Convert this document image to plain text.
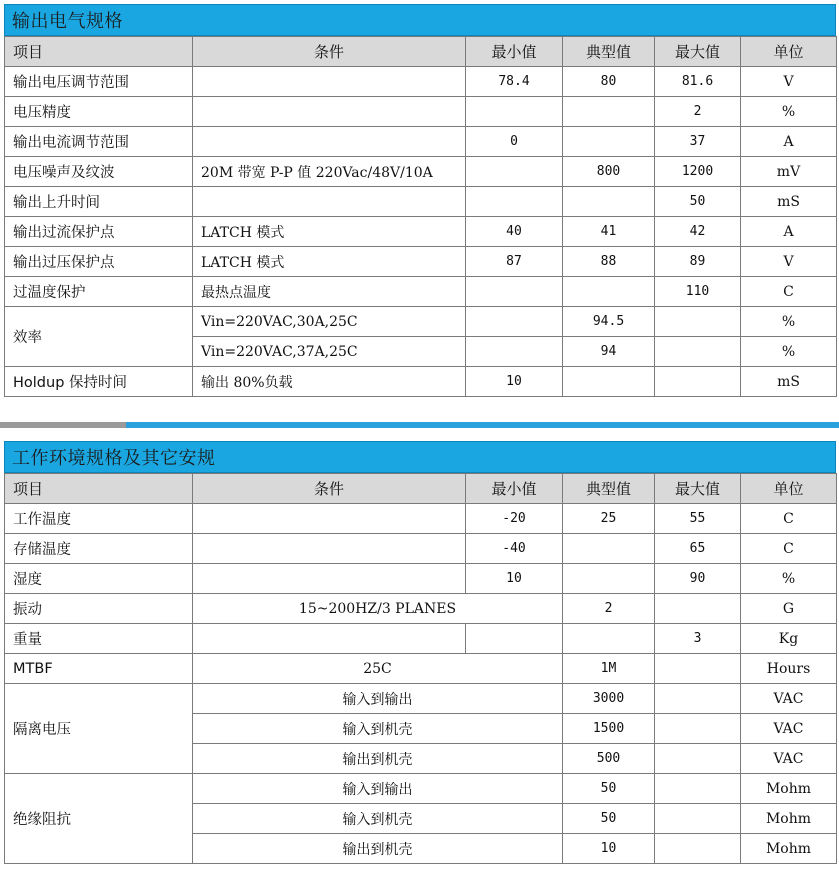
输出电气规格
项目	条件	最小值	典型值	最大值	单位
输出电压调节范围		78.4	80	81.6	V
电压精度				2	%
输出电流调节范围		0		37	A
电压噪声及纹波	20M 带宽 P-P 值 220Vac/48V/10A		800	1200	mV
输出上升时间				50	mS
输出过流保护点	LATCH 模式	40	41	42	A
输出过压保护点	LATCH 模式	87	88	89	V
过温度保护	最热点温度			110	C
效率	Vin=220VAC,30A,25C		94.5		%
	Vin=220VAC,37A,25C		94		%
Holdup 保持时间	输出 80%负载	10			mS
工作环境规格及其它安规
项目	条件	最小值	典型值	最大值	单位
工作温度		-20	25	55	C
存储温度		-40		65	C
湿度		10		90	%
振动	15~200HZ/3 PLANES		2		G
重量				3	Kg
MTBF	25C		1M		Hours
隔离电压	输入到输出		3000		VAC
	输入到机壳		1500		VAC
	输出到机壳		500		VAC
绝缘阻抗	输入到输出		50		Mohm
	输入到机壳		50		Mohm
	输出到机壳		10		Mohm
